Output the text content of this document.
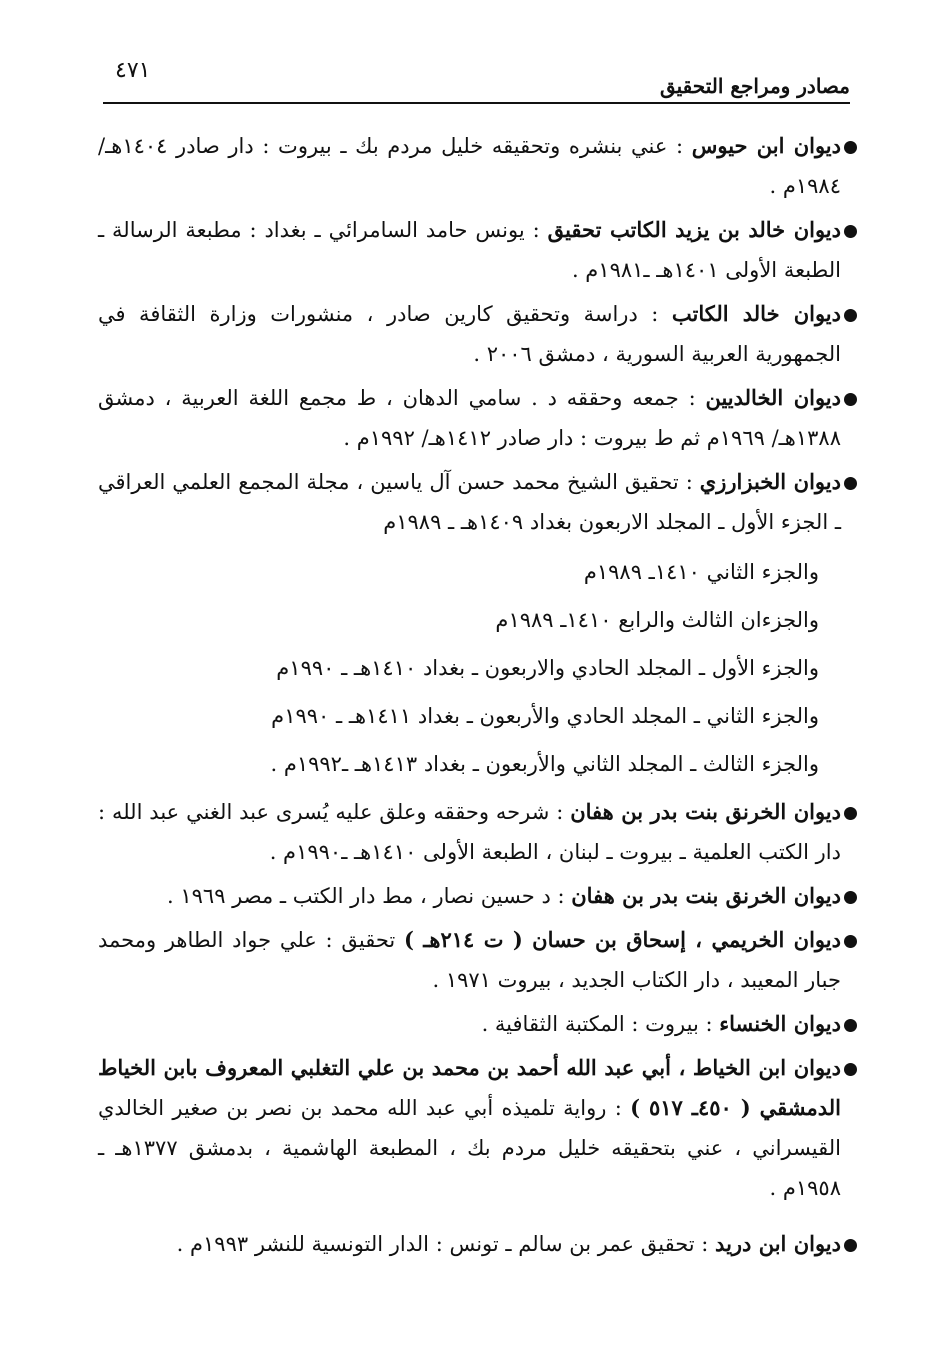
مصادر ومراجع التحقيق
٤٧١
ديوان ابن حيوس : عني بنشره وتحقيقه خليل مردم بك ـ بيروت : دار صادر ١٤٠٤هـ/ ١٩٨٤م .
ديوان خالد بن يزيد الكاتب تحقيق : يونس حامد السامرائي ـ بغداد : مطبعة الرسالة ـ الطبعة الأولى ١٤٠١هـ ـ١٩٨١م .
ديوان خالد الكاتب : دراسة وتحقيق كارين صادر ، منشورات وزارة الثقافة في الجمهورية العربية السورية ، دمشق ٢٠٠٦ .
ديوان الخالديين : جمعه وحققه د . سامي الدهان ، ط مجمع اللغة العربية ، دمشق ١٣٨٨هـ/ ١٩٦٩م ثم ط بيروت : دار صادر ١٤١٢هـ/ ١٩٩٢م .
ديوان الخبزارزي : تحقيق الشيخ محمد حسن آل ياسين ، مجلة المجمع العلمي العراقي ـ الجزء الأول ـ المجلد الاربعون بغداد ١٤٠٩هـ ـ ١٩٨٩م
والجزء الثاني ١٤١٠ـ ١٩٨٩م
والجزءان الثالث والرابع ١٤١٠ـ ١٩٨٩م
والجزء الأول ـ المجلد الحادي والاربعون ـ بغداد ١٤١٠هـ ـ ١٩٩٠م
والجزء الثاني ـ المجلد الحادي والأربعون ـ بغداد ١٤١١هـ ـ ١٩٩٠م
والجزء الثالث ـ المجلد الثاني والأربعون ـ بغداد ١٤١٣هـ ـ١٩٩٢م .
ديوان الخرنق بنت بدر بن هفان : شرحه وحققه وعلق عليه يُسرى عبد الغني عبد الله : دار الكتب العلمية ـ بيروت ـ لبنان ، الطبعة الأولى ١٤١٠هـ ـ١٩٩٠م .
ديوان الخرنق بنت بدر بن هفان : د حسين نصار ، مط دار الكتب ـ مصر ١٩٦٩ .
ديوان الخريمي ، إسحاق بن حسان ( ت ٢١٤هـ ) تحقيق : علي جواد الطاهر ومحمد جبار المعيبد ، دار الكتاب الجديد ، بيروت ١٩٧١ .
ديوان الخنساء : بيروت : المكتبة الثقافية .
ديوان ابن الخياط ، أبي عبد الله أحمد بن محمد بن علي التغلبي المعروف بابن الخياط الدمشقي ( ٤٥٠ـ ٥١٧ ) : رواية تلميذه أبي عبد الله محمد بن نصر بن صغير الخالدي القيسراني ، عني بتحقيقه خليل مردم بك ، المطبعة الهاشمية ، بدمشق ١٣٧٧هـ ـ ١٩٥٨م .
ديوان ابن دريد : تحقيق عمر بن سالم ـ تونس : الدار التونسية للنشر ١٩٩٣م .
